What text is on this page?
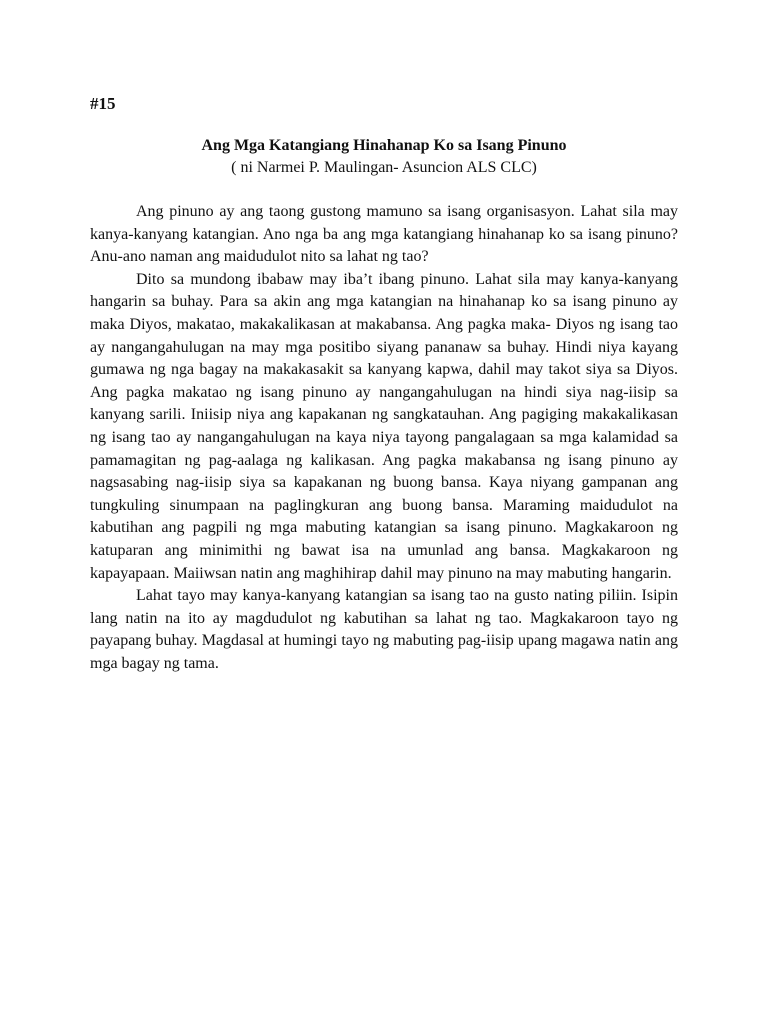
#15

Ang Mga Katangiang Hinahanap Ko sa Isang Pinuno

( ni Narmei P. Maulingan- Asuncion ALS CLC)

Ang pinuno ay ang taong gustong mamuno sa isang organisasyon. Lahat sila may kanya-kanyang katangian. Ano nga ba ang mga katangiang hinahanap ko sa isang pinuno? Anu-ano naman ang maidudulot nito sa lahat ng tao?

Dito sa mundong ibabaw may iba’t ibang pinuno. Lahat sila may kanya-kanyang hangarin sa buhay. Para sa akin ang mga katangian na hinahanap ko sa isang pinuno ay maka Diyos, makatao, makakalikasan at makabansa. Ang pagka maka- Diyos ng isang tao ay nangangahulugan na may mga positibo siyang pananaw sa buhay. Hindi niya kayang gumawa ng nga bagay na makakasakit sa kanyang kapwa, dahil may takot siya sa Diyos. Ang pagka makatao ng isang pinuno ay nangangahulugan na hindi siya nag-iisip sa kanyang sarili. Iniisip niya ang kapakanan ng sangkatauhan. Ang pagiging makakalikasan ng isang tao ay nangangahulugan na kaya niya tayong pangalagaan sa mga kalamidad sa pamamagitan ng pag-aalaga ng kalikasan. Ang pagka makabansa ng isang pinuno ay nagsasabing nag-iisip siya sa kapakanan ng buong bansa. Kaya niyang gampanan ang tungkuling sinumpaan na paglingkuran ang buong bansa. Maraming maidudulot na kabutihan ang pagpili ng mga mabuting katangian sa isang pinuno. Magkakaroon ng katuparan ang minimithi ng bawat isa na umunlad ang bansa. Magkakaroon ng kapayapaan. Maiiwsan natin ang maghihirap dahil may pinuno na may mabuting hangarin.

Lahat tayo may kanya-kanyang katangian sa isang tao na gusto nating piliin. Isipin lang natin na ito ay magdudulot ng kabutihan sa lahat ng tao. Magkakaroon tayo ng payapang buhay. Magdasal at humingi tayo ng mabuting pag-iisip upang magawa natin ang mga bagay ng tama.
